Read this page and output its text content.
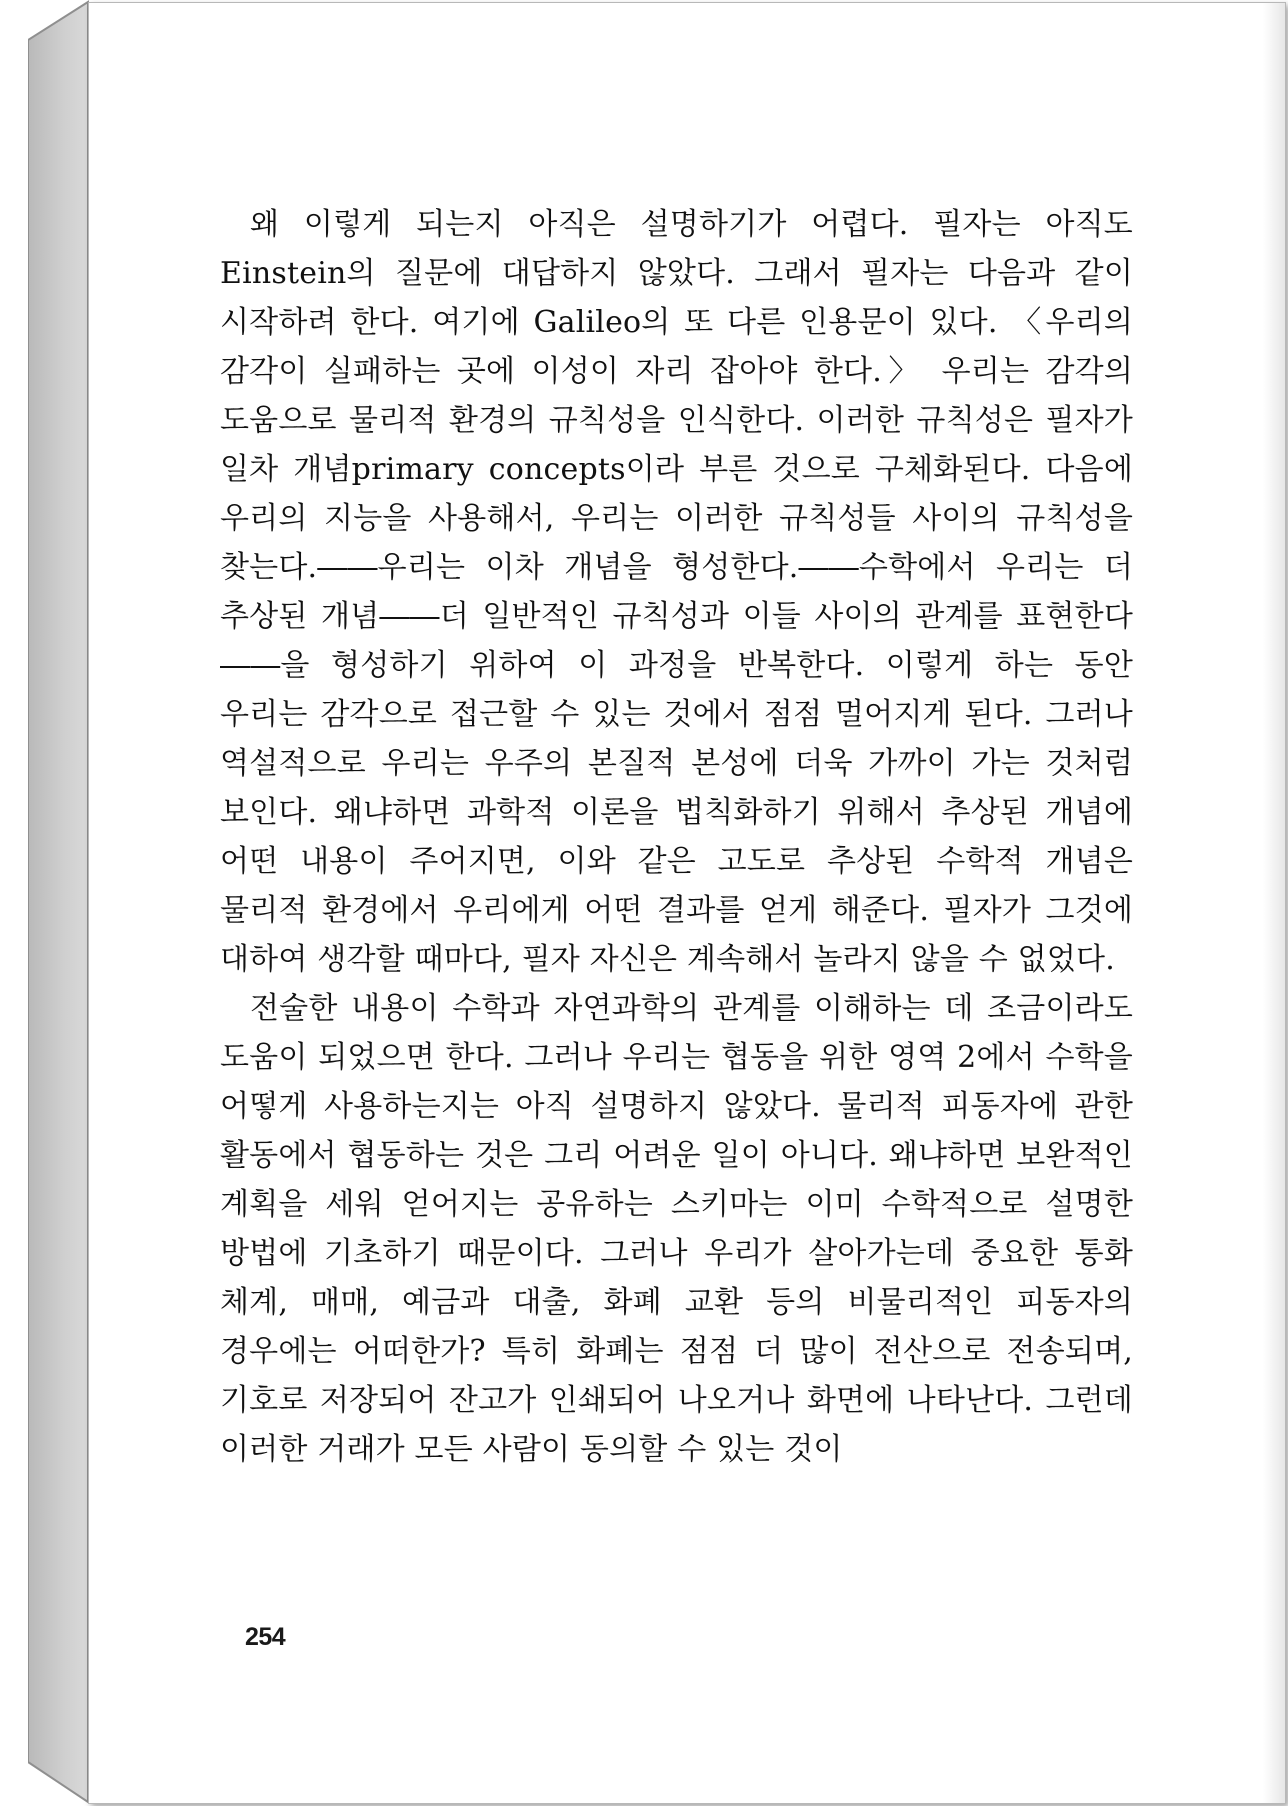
왜 이렇게 되는지 아직은 설명하기가 어렵다. 필자는 아직도 Einstein의 질문에 대답하지 않았다. 그래서 필자는 다음과 같이 시작하려 한다. 여기에 Galileo의 또 다른 인용문이 있다. 〈우리의 감각이 실패하는 곳에 이성이 자리 잡아야 한다.〉 우리는 감각의 도움으로 물리적 환경의 규칙성을 인식한다. 이러한 규칙성은 필자가 일차 개념primary concepts이라 부른 것으로 구체화된다. 다음에 우리의 지능을 사용해서, 우리는 이러한 규칙성들 사이의 규칙성을 찾는다.――우리는 이차 개념을 형성한다.――수학에서 우리는 더 추상된 개념――더 일반적인 규칙성과 이들 사이의 관계를 표현한다――을 형성하기 위하여 이 과정을 반복한다. 이렇게 하는 동안 우리는 감각으로 접근할 수 있는 것에서 점점 멀어지게 된다. 그러나 역설적으로 우리는 우주의 본질적 본성에 더욱 가까이 가는 것처럼 보인다. 왜냐하면 과학적 이론을 법칙화하기 위해서 추상된 개념에 어떤 내용이 주어지면, 이와 같은 고도로 추상된 수학적 개념은 물리적 환경에서 우리에게 어떤 결과를 얻게 해준다. 필자가 그것에 대하여 생각할 때마다, 필자 자신은 계속해서 놀라지 않을 수 없었다.

전술한 내용이 수학과 자연과학의 관계를 이해하는 데 조금이라도 도움이 되었으면 한다. 그러나 우리는 협동을 위한 영역 2에서 수학을 어떻게 사용하는지는 아직 설명하지 않았다. 물리적 피동자에 관한 활동에서 협동하는 것은 그리 어려운 일이 아니다. 왜냐하면 보완적인 계획을 세워 얻어지는 공유하는 스키마는 이미 수학적으로 설명한 방법에 기초하기 때문이다. 그러나 우리가 살아가는데 중요한 통화 체계, 매매, 예금과 대출, 화폐 교환 등의 비물리적인 피동자의 경우에는 어떠한가? 특히 화폐는 점점 더 많이 전산으로 전송되며, 기호로 저장되어 잔고가 인쇄되어 나오거나 화면에 나타난다. 그런데 이러한 거래가 모든 사람이 동의할 수 있는 것이

254
